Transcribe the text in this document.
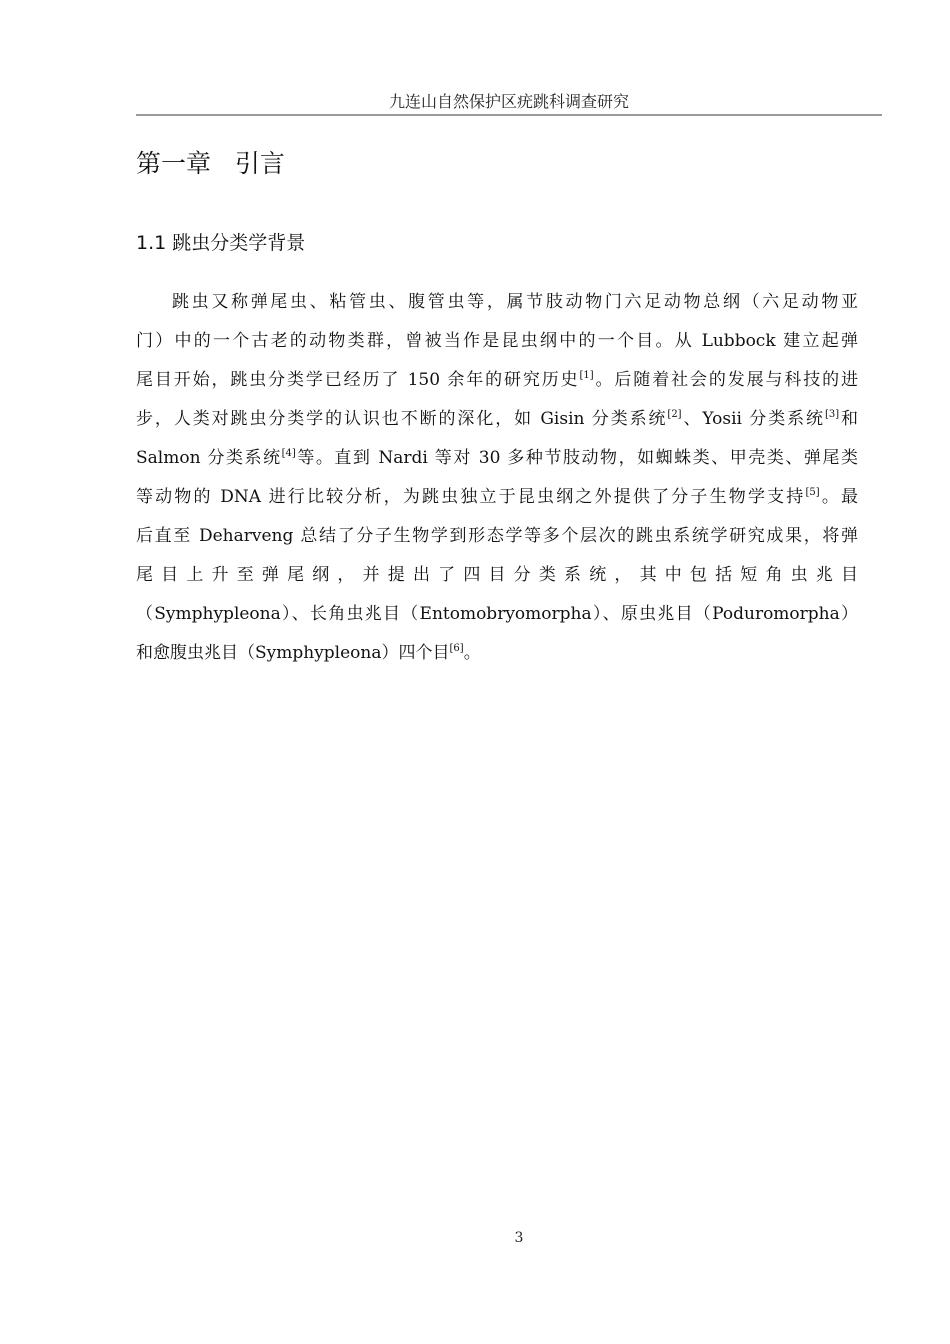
九连山自然保护区疣跳科调查研究
第一章   引言
1.1 跳虫分类学背景
跳虫又称弹尾虫、粘管虫、腹管虫等，属节肢动物门六足动物总纲（六足动物亚
门）中的一个古老的动物类群，曾被当作是昆虫纲中的一个目。从 Lubbock 建立起弹
尾目开始，跳虫分类学已经历了 150 余年的研究历史[1]。后随着社会的发展与科技的进
步，人类对跳虫分类学的认识也不断的深化，如 Gisin 分类系统[2]、Yosii 分类系统[3]和
Salmon 分类系统[4]等。直到 Nardi 等对 30 多种节肢动物，如蜘蛛类、甲壳类、弹尾类
等动物的 DNA 进行比较分析，为跳虫独立于昆虫纲之外提供了分子生物学支持[5]。最
后直至 Deharveng 总结了分子生物学到形态学等多个层次的跳虫系统学研究成果，将弹
尾目上升至弹尾纲，并提出了四目分类系统，其中包括短角虫兆目
（Symphypleona）、长角虫兆目（Entomobryomorpha）、原虫兆目（Poduromorpha）
和愈腹虫兆目（Symphypleona）四个目[6]。
3
